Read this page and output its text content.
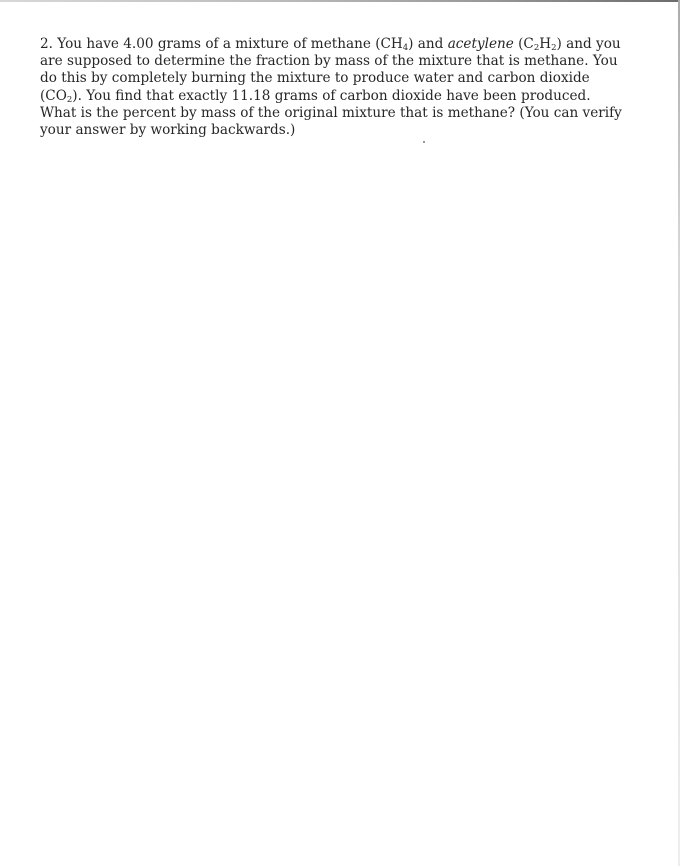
2. You have 4.00 grams of a mixture of methane $(CH_4)$ and acetylene $(C_2H_2)$ and you
are supposed to determine the fraction by mass of the mixture that is methane. You
do this by completely burning the mixture to produce water and carbon dioxide
$(CO_2)$. You find that exactly 11.18 grams of carbon dioxide have been produced.
What is the percent by mass of the original mixture that is methane? (You can verify
your answer by working backwards.)
